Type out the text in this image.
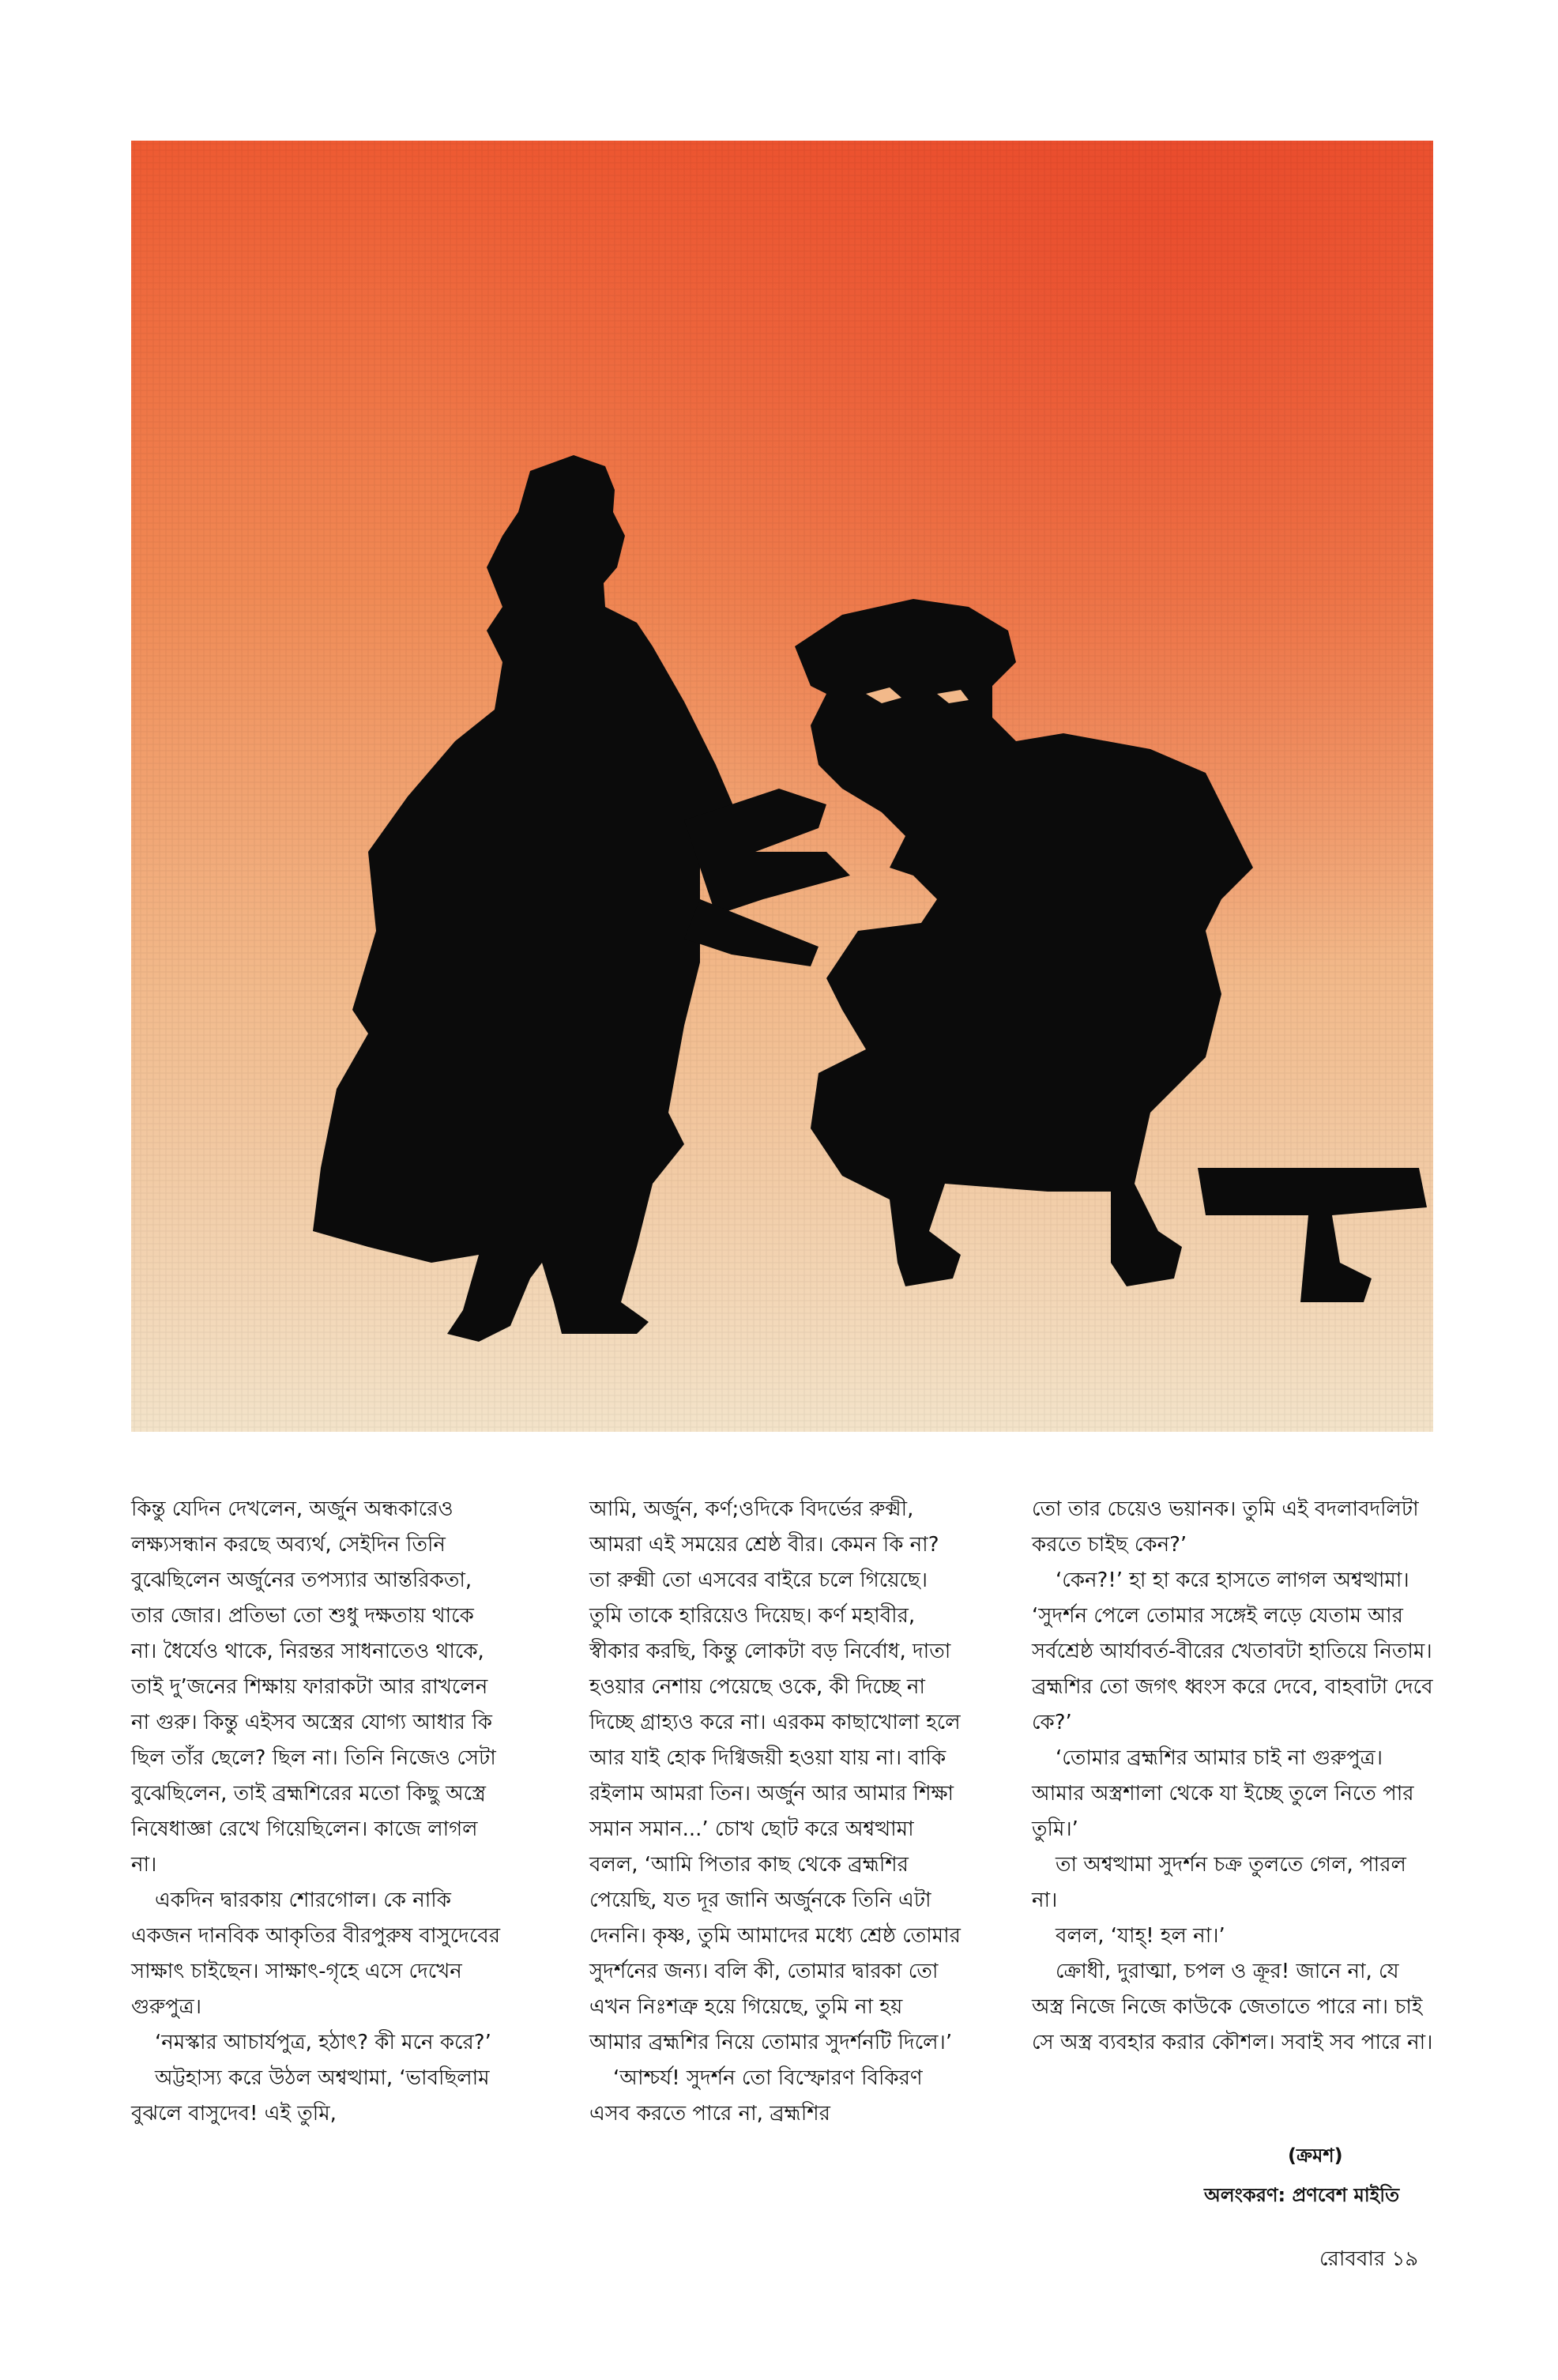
কিন্তু যেদিন দেখলেন, অর্জুন অন্ধকারেও লক্ষ্যসন্ধান করছে অব্যর্থ, সেইদিন তিনি বুঝেছিলেন অর্জুনের তপস্যার আন্তরিকতা, তার জোর। প্রতিভা তো শুধু দক্ষতায় থাকে না। ধৈর্যেও থাকে, নিরন্তর সাধনাতেও থাকে, তাই দু’জনের শিক্ষায় ফারাকটা আর রাখলেন না গুরু। কিন্তু এইসব অস্ত্রের যোগ্য আধার কি ছিল তাঁর ছেলে? ছিল না। তিনি নিজেও সেটা বুঝেছিলেন, তাই ব্রহ্মশিরের মতো কিছু অস্ত্রে নিষেধাজ্ঞা রেখে গিয়েছিলেন। কাজে লাগল না।

একদিন দ্বারকায় শোরগোল। কে নাকি একজন দানবিক আকৃতির বীরপুরুষ বাসুদেবের সাক্ষাৎ চাইছেন। সাক্ষাৎ-গৃহে এসে দেখেন গুরুপুত্র।

‘নমস্কার আচার্যপুত্র, হঠাৎ? কী মনে করে?’

অট্টহাস্য করে উঠল অশ্বত্থামা, ‘ভাবছিলাম বুঝলে বাসুদেব! এই তুমি,

আমি, অর্জুন, কর্ণ;ওদিকে বিদর্ভের রুক্মী, আমরা এই সময়ের শ্রেষ্ঠ বীর। কেমন কি না? তা রুক্মী তো এসবের বাইরে চলে গিয়েছে। তুমি তাকে হারিয়েও দিয়েছ। কর্ণ মহাবীর, স্বীকার করছি, কিন্তু লোকটা বড় নির্বোধ, দাতা হওয়ার নেশায় পেয়েছে ওকে, কী দিচ্ছে না দিচ্ছে গ্রাহ্যও করে না। এরকম কাছাখোলা হলে আর যাই হোক দিগ্বিজয়ী হওয়া যায় না। বাকি রইলাম আমরা তিন। অর্জুন আর আমার শিক্ষা সমান সমান...’ চোখ ছোট করে অশ্বত্থামা বলল, ‘আমি পিতার কাছ থেকে ব্রহ্মশির পেয়েছি, যত দূর জানি অর্জুনকে তিনি এটা দেননি। কৃষ্ণ, তুমি আমাদের মধ্যে শ্রেষ্ঠ তোমার সুদর্শনের জন্য। বলি কী, তোমার দ্বারকা তো এখন নিঃশত্রু হয়ে গিয়েছে, তুমি না হয় আমার ব্রহ্মশির নিয়ে তোমার সুদর্শনটি দিলে।’

‘আশ্চর্য! সুদর্শন তো বিস্ফোরণ বিকিরণ এসব করতে পারে না, ব্রহ্মশির

তো তার চেয়েও ভয়ানক। তুমি এই বদলাবদলিটা করতে চাইছ কেন?’

‘কেন?!’ হা হা করে হাসতে লাগল অশ্বত্থামা। ‘সুদর্শন পেলে তোমার সঙ্গেই লড়ে যেতাম আর সর্বশ্রেষ্ঠ আর্যাবর্ত-বীরের খেতাবটা হাতিয়ে নিতাম। ব্রহ্মশির তো জগৎ ধ্বংস করে দেবে, বাহবাটা দেবে কে?’

‘তোমার ব্রহ্মশির আমার চাই না গুরুপুত্র। আমার অস্ত্রশালা থেকে যা ইচ্ছে তুলে নিতে পার তুমি।’

তা অশ্বত্থামা সুদর্শন চক্র তুলতে গেল, পারল না।

বলল, ‘যাহ্! হল না।’

ক্রোধী, দুরাত্মা, চপল ও ক্রূর! জানে না, যে অস্ত্র নিজে নিজে কাউকে জেতাতে পারে না। চাই সে অস্ত্র ব্যবহার করার কৌশল। সবাই সব পারে না।

(ক্রমশ)
অলংকরণ: প্রণবেশ মাইতি
রোববার ১৯
